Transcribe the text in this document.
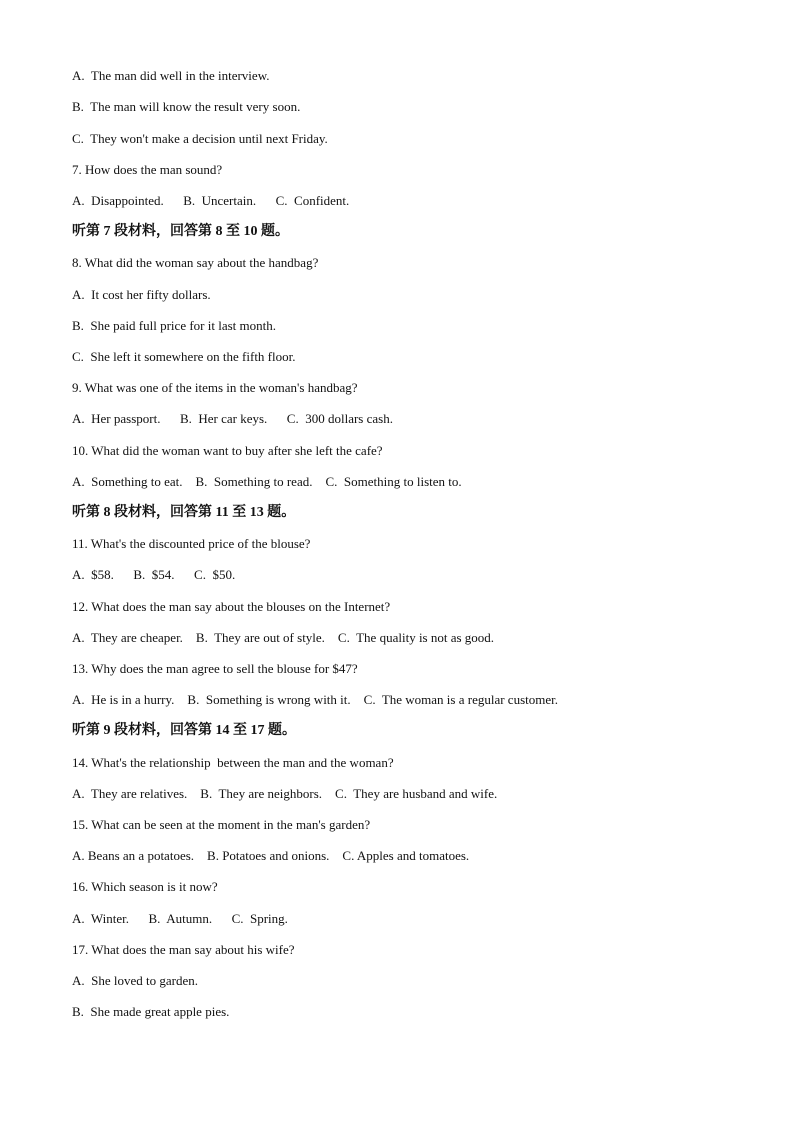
A.  The man did well in the interview.
B.  The man will know the result very soon.
C.  They won't make a decision until next Friday.
7. How does the man sound?
A.  Disappointed.      B.  Uncertain.      C.  Confident.
听第 7 段材料，回答第 8 至 10 题。
8. What did the woman say about the handbag?
A.  It cost her fifty dollars.
B.  She paid full price for it last month.
C.  She left it somewhere on the fifth floor.
9. What was one of the items in the woman's handbag?
A.  Her passport.      B.  Her car keys.      C.  300 dollars cash.
10. What did the woman want to buy after she left the cafe?
A.  Something to eat.    B.  Something to read.    C.  Something to listen to.
听第 8 段材料，回答第 11 至 13 题。
11. What's the discounted price of the blouse?
A.  $58.      B.  $54.      C.  $50.
12. What does the man say about the blouses on the Internet?
A.  They are cheaper.    B.  They are out of style.    C.  The quality is not as good.
13. Why does the man agree to sell the blouse for $47?
A.  He is in a hurry.    B.  Something is wrong with it.    C.  The woman is a regular customer.
听第 9 段材料，回答第 14 至 17 题。
14. What's the relationship  between the man and the woman?
A.  They are relatives.    B.  They are neighbors.    C.  They are husband and wife.
15. What can be seen at the moment in the man's garden?
A. Beans an a potatoes.    B. Potatoes and onions.    C. Apples and tomatoes.
16. Which season is it now?
A.  Winter.      B.  Autumn.      C.  Spring.
17. What does the man say about his wife?
A.  She loved to garden.
B.  She made great apple pies.
